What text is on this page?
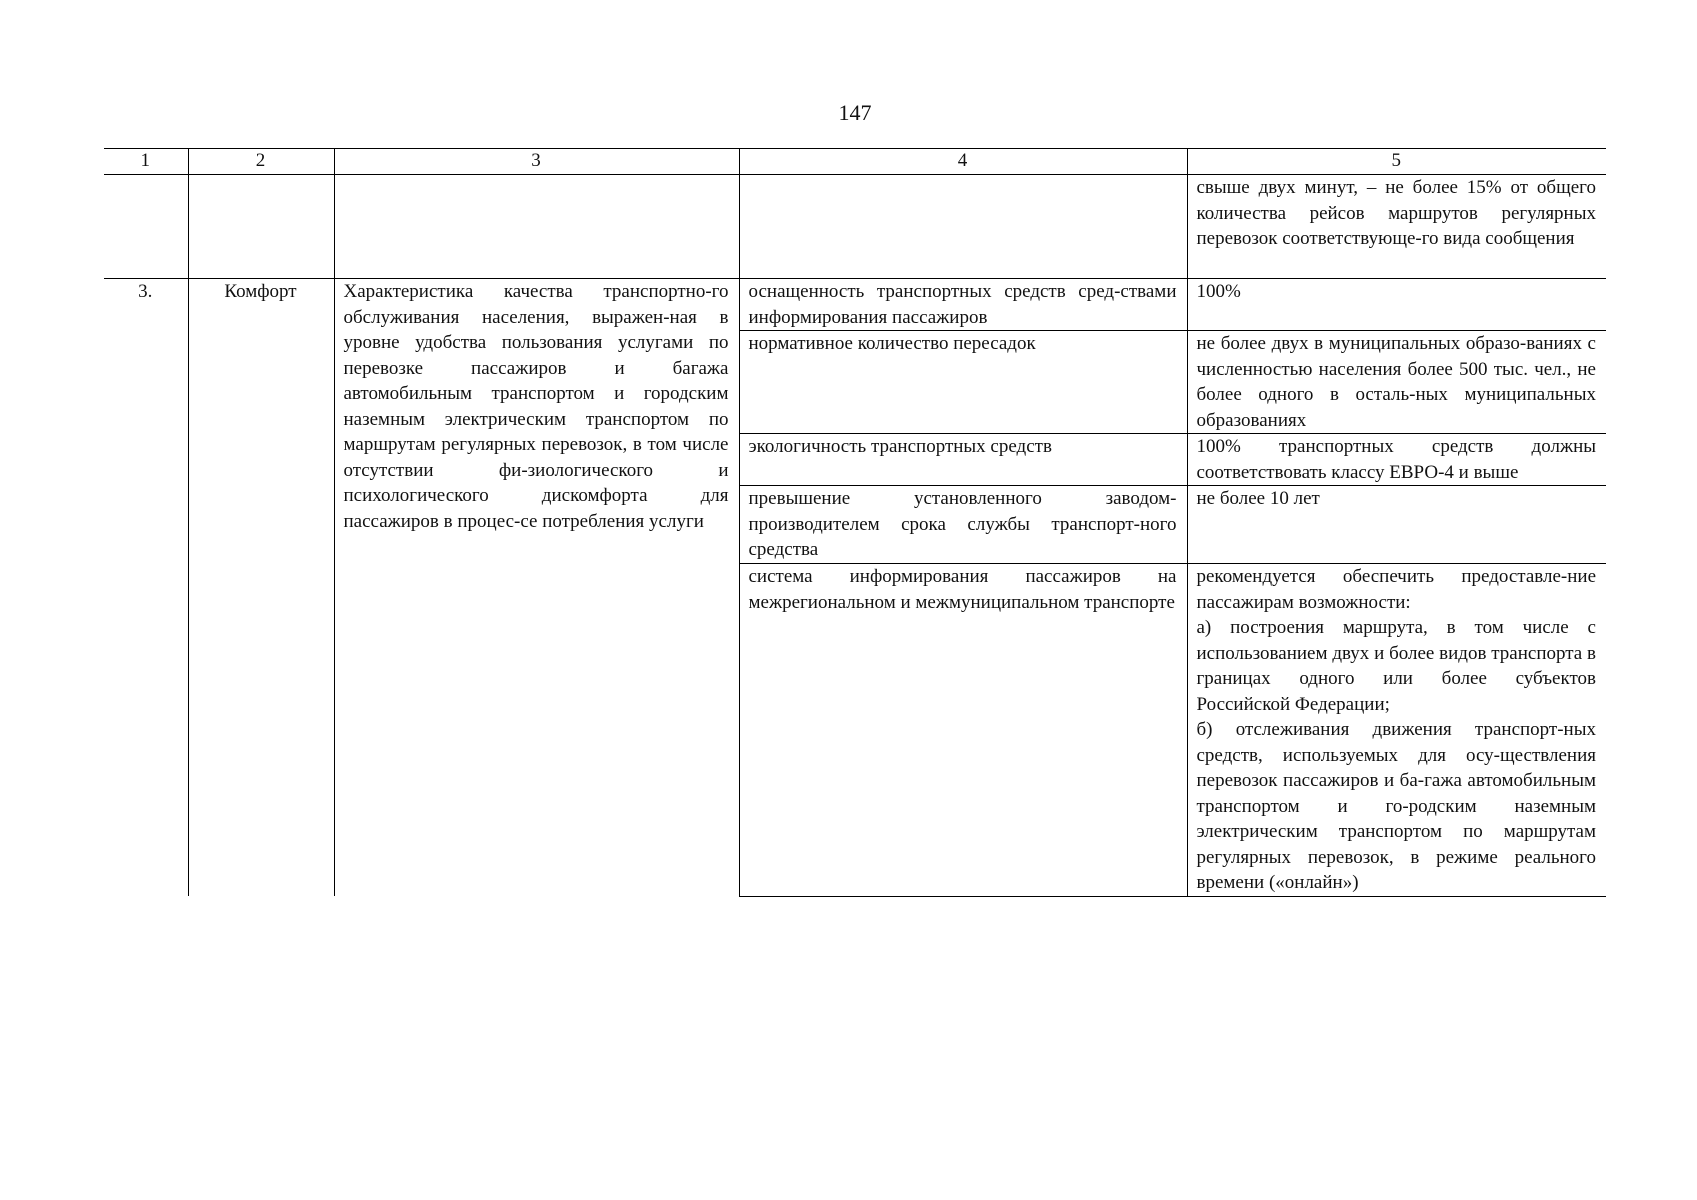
147
1	2	3	4	5
				свыше двух минут, – не более 15% от общего количества рейсов маршрутов регулярных перевозок соответствующе-го вида сообщения
3.	Комфорт	Характеристика качества транспортно-го обслуживания населения, выражен-ная в уровне удобства пользования услугами по перевозке пассажиров и багажа автомобильным транспортом и городским наземным электрическим транспортом по маршрутам регулярных перевозок, в том числе отсутствии фи-зиологического и психологического дискомфорта для пассажиров в процес-се потребления услуги	оснащенность транспортных средств сред-ствами информирования пассажиров	100%
			нормативное количество пересадок	не более двух в муниципальных образо-ваниях с численностью населения более 500 тыс. чел., не более одного в осталь-ных муниципальных образованиях
			экологичность транспортных средств	100% транспортных средств должны соответствовать классу ЕВРО-4 и выше
			превышение установленного заводом-производителем срока службы транспорт-ного средства	не более 10 лет
			система информирования пассажиров на межрегиональном и межмуниципальном транспорте	рекомендуется обеспечить предоставле-ние пассажирам возможности:
а) построения маршрута, в том числе с использованием двух и более видов транспорта в границах одного или более субъектов Российской Федерации;
б) отслеживания движения транспорт-ных средств, используемых для осу-ществления перевозок пассажиров и ба-гажа автомобильным транспортом и го-родским наземным электрическим транспортом по маршрутам регулярных перевозок, в режиме реального времени («онлайн»)
